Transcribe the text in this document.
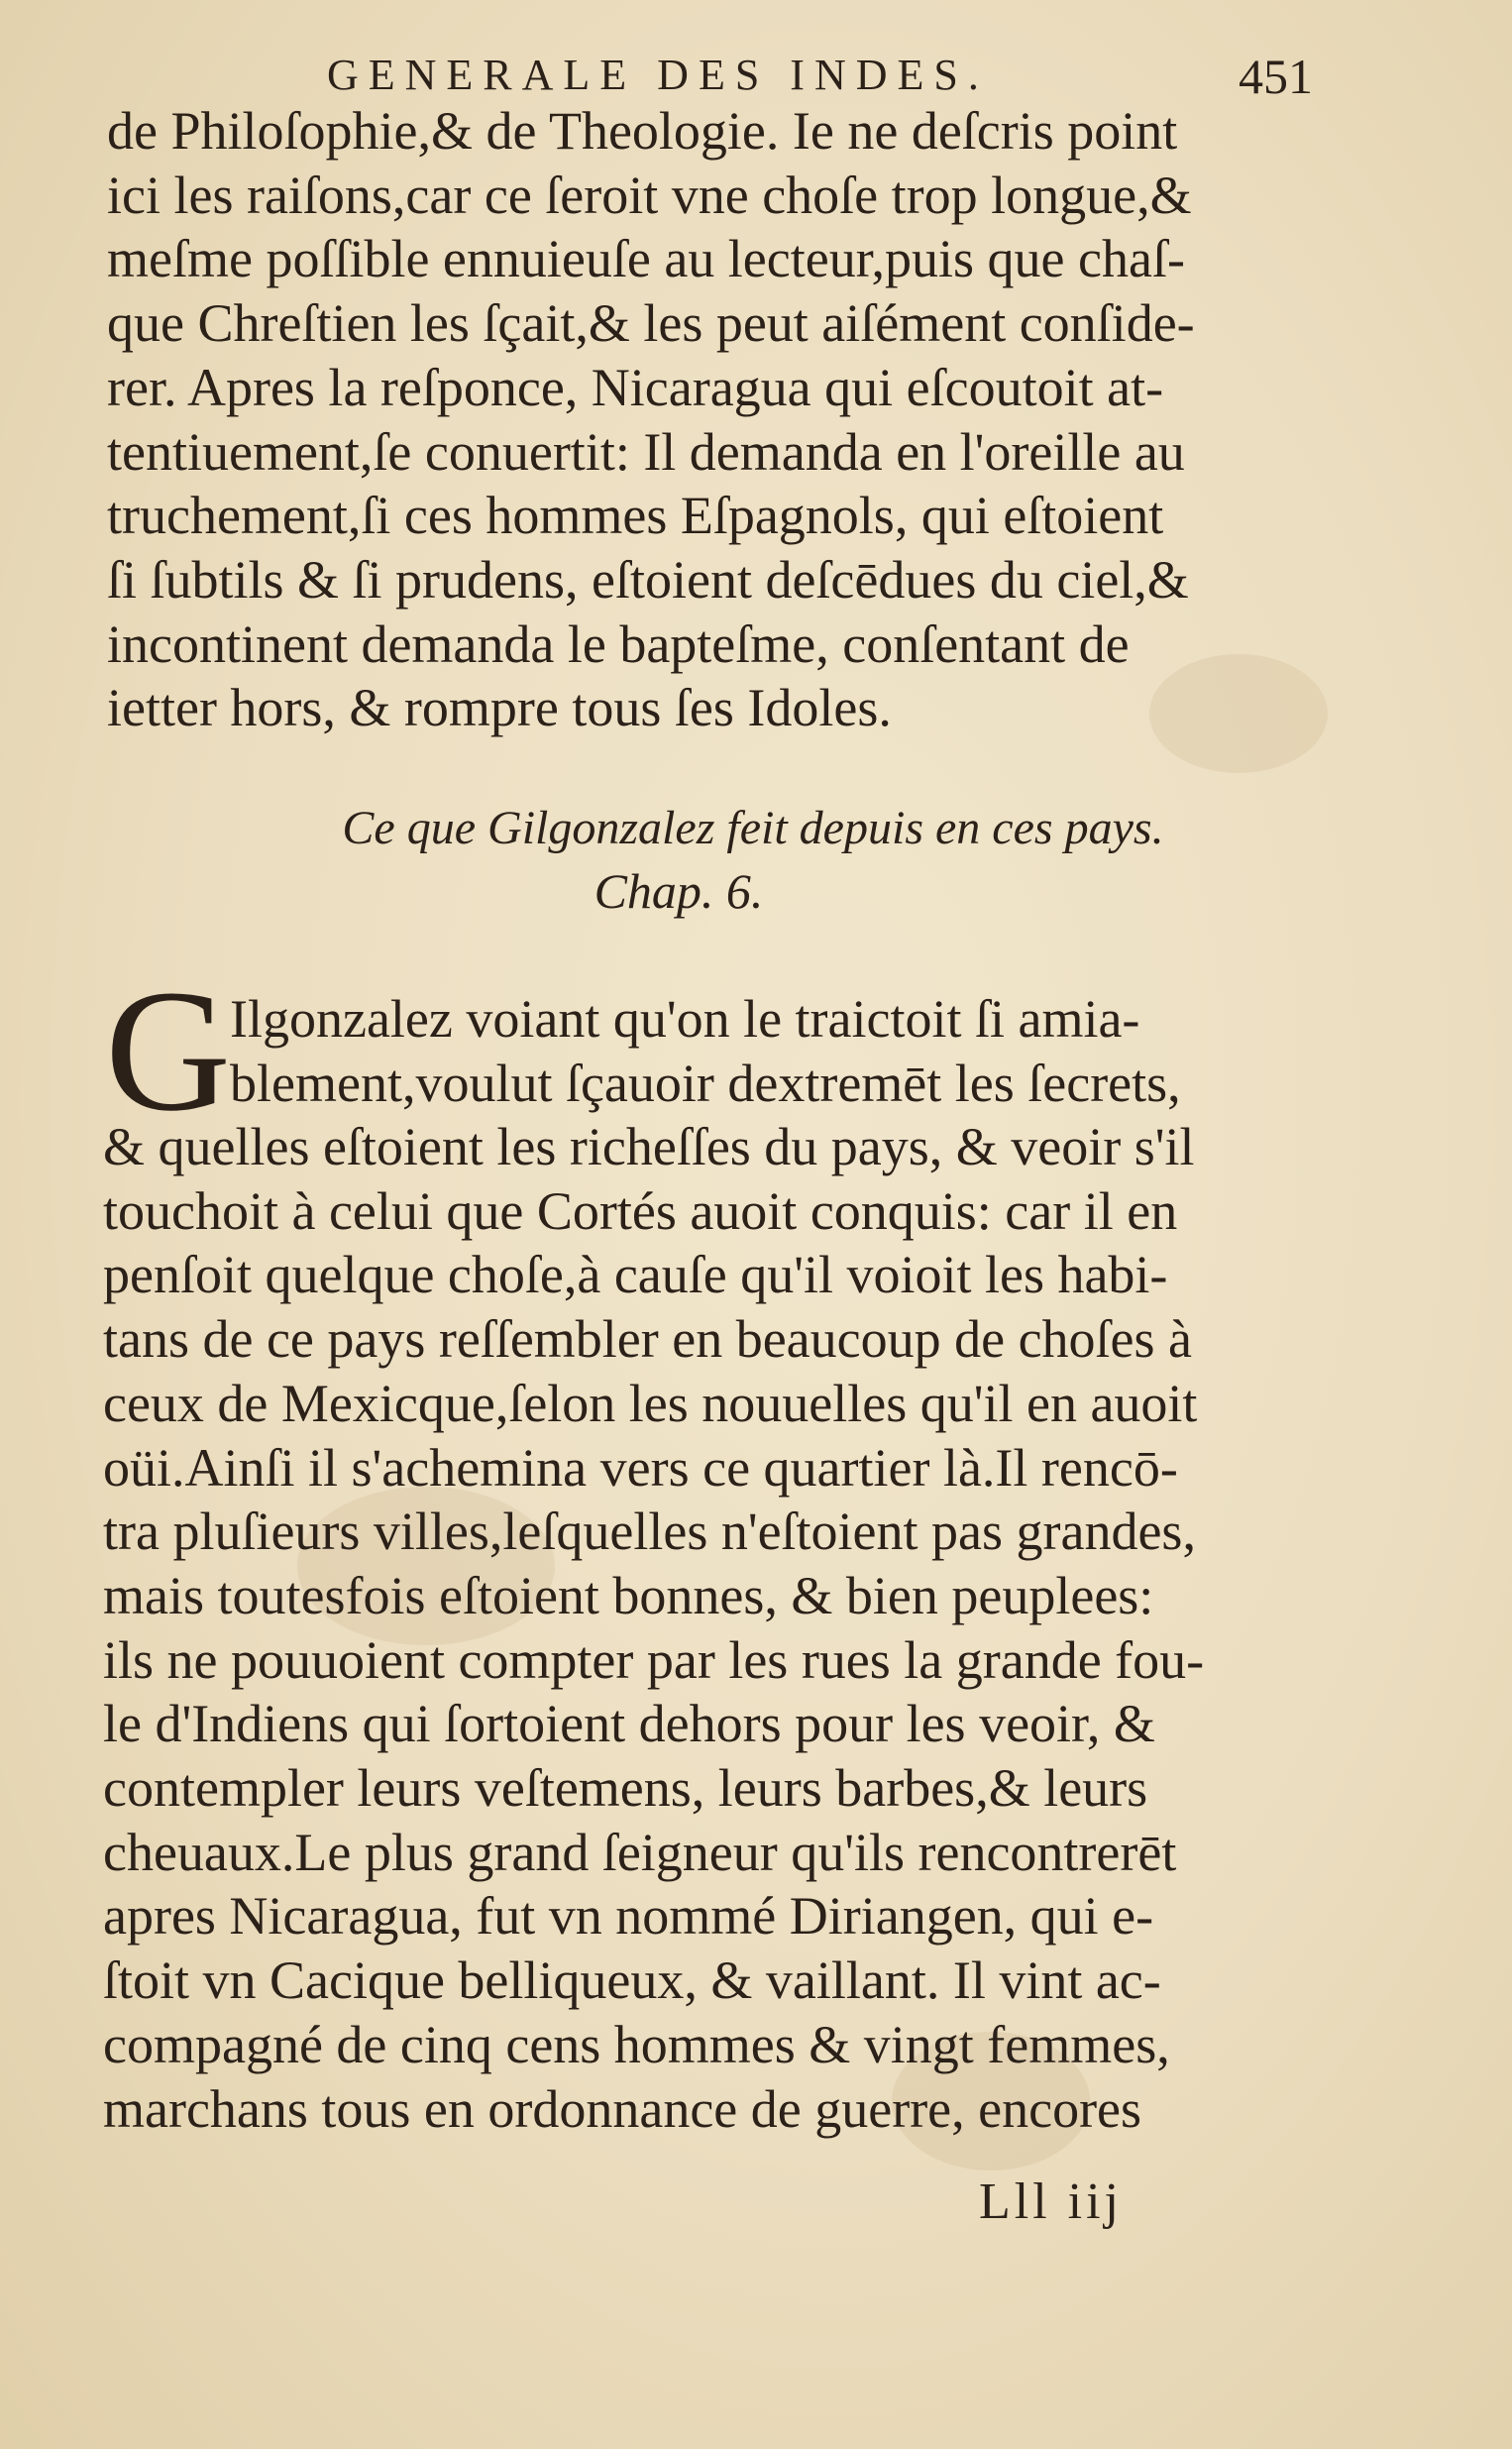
GENERALE DES INDES.	451
de Philoſophie,& de Theologie. Ie ne deſcris point
ici les raiſons,car ce ſeroit vne choſe trop longue,&
meſme poſſible ennuieuſe au lecteur,puis que chaſ-
que Chreſtien les ſçait,& les peut aiſément conſide-
rer. Apres la reſponce, Nicaragua qui eſcoutoit at-
tentiuement,ſe conuertit: Il demanda en l'oreille au
truchement,ſi ces hommes Eſpagnols, qui eſtoient
ſi ſubtils & ſi prudens, eſtoient deſcēdues du ciel,&
incontinent demanda le bapteſme, conſentant de
ietter hors, & rompre tous ſes Idoles.
Ce que Gilgonzalez feit depuis en ces pays.
Chap. 6.
G
Ilgonzalez voiant qu'on le traictoit ſi amia-
blement,voulut ſçauoir dextremēt les ſecrets,
& quelles eſtoient les richeſſes du pays, & veoir s'il
touchoit à celui que Cortés auoit conquis: car il en
penſoit quelque choſe,à cauſe qu'il voioit les habi-
tans de ce pays reſſembler en beaucoup de choſes à
ceux de Mexicque,ſelon les nouuelles qu'il en auoit
oüi.Ainſi il s'achemina vers ce quartier là.Il rencō-
tra pluſieurs villes,leſquelles n'eſtoient pas grandes,
mais toutesfois eſtoient bonnes, & bien peuplees:
ils ne pouuoient compter par les rues la grande fou-
le d'Indiens qui ſortoient dehors pour les veoir, &
contempler leurs veſtemens, leurs barbes,& leurs
cheuaux.Le plus grand ſeigneur qu'ils rencontrerēt
apres Nicaragua, fut vn nommé Diriangen, qui e-
ſtoit vn Cacique belliqueux, & vaillant. Il vint ac-
compagné de cinq cens hommes & vingt femmes,
marchans tous en ordonnance de guerre, encores
Lll iij
